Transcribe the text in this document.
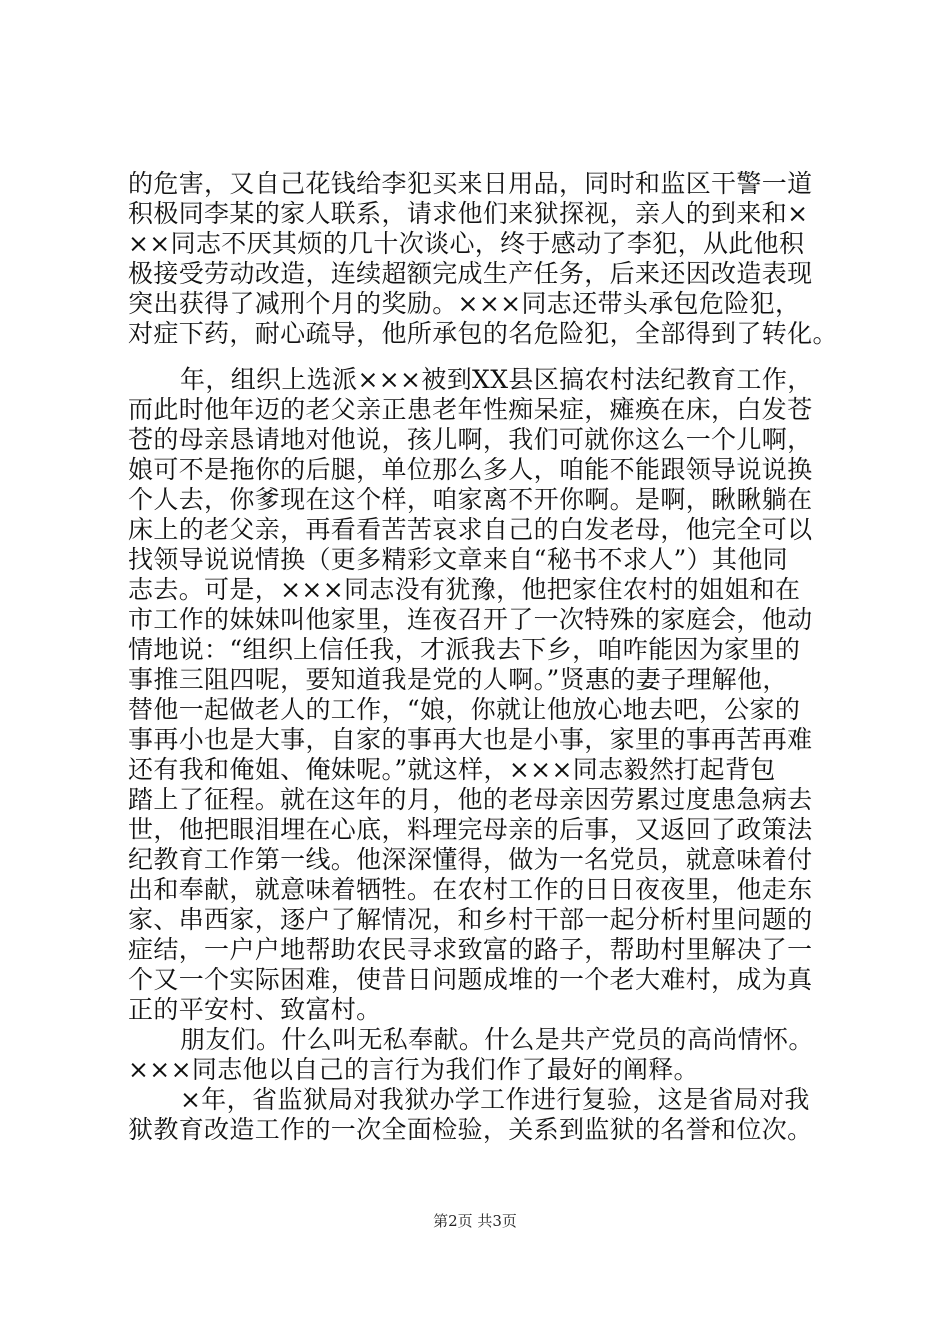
的危害，又自己花钱给李犯买来日用品，同时和监区干警一道
积极同李某的家人联系，请求他们来狱探视，亲人的到来和×
××同志不厌其烦的几十次谈心，终于感动了李犯，从此他积
极接受劳动改造，连续超额完成生产任务，后来还因改造表现
突出获得了减刑个月的奖励。×××同志还带头承包危险犯，
对症下药，耐心疏导，他所承包的名危险犯，全部得到了转化。
年，组织上选派×××被到XX县区搞农村法纪教育工作，
而此时他年迈的老父亲正患老年性痴呆症，瘫痪在床，白发苍
苍的母亲恳请地对他说，孩儿啊，我们可就你这么一个儿啊，
娘可不是拖你的后腿，单位那么多人，咱能不能跟领导说说换
个人去，你爹现在这个样，咱家离不开你啊。是啊，瞅瞅躺在
床上的老父亲，再看看苦苦哀求自己的白发老母，他完全可以
找领导说说情换（更多精彩文章来自“秘书不求人”）其他同
志去。可是，×××同志没有犹豫，他把家住农村的姐姐和在
市工作的妹妹叫他家里，连夜召开了一次特殊的家庭会，他动
情地说：“组织上信任我，才派我去下乡，咱咋能因为家里的
事推三阻四呢，要知道我是党的人啊。”贤惠的妻子理解他，
替他一起做老人的工作，“娘，你就让他放心地去吧，公家的
事再小也是大事，自家的事再大也是小事，家里的事再苦再难
还有我和俺姐、俺妹呢。”就这样，×××同志毅然打起背包
踏上了征程。就在这年的月，他的老母亲因劳累过度患急病去
世，他把眼泪埋在心底，料理完母亲的后事，又返回了政策法
纪教育工作第一线。他深深懂得，做为一名党员，就意味着付
出和奉献，就意味着牺牲。在农村工作的日日夜夜里，他走东
家、串西家，逐户了解情况，和乡村干部一起分析村里问题的
症结，一户户地帮助农民寻求致富的路子，帮助村里解决了一
个又一个实际困难，使昔日问题成堆的一个老大难村，成为真
正的平安村、致富村。
朋友们。什么叫无私奉献。什么是共产党员的高尚情怀。
×××同志他以自己的言行为我们作了最好的阐释。
×年，省监狱局对我狱办学工作进行复验，这是省局对我
狱教育改造工作的一次全面检验，关系到监狱的名誉和位次。
第2页 共3页
